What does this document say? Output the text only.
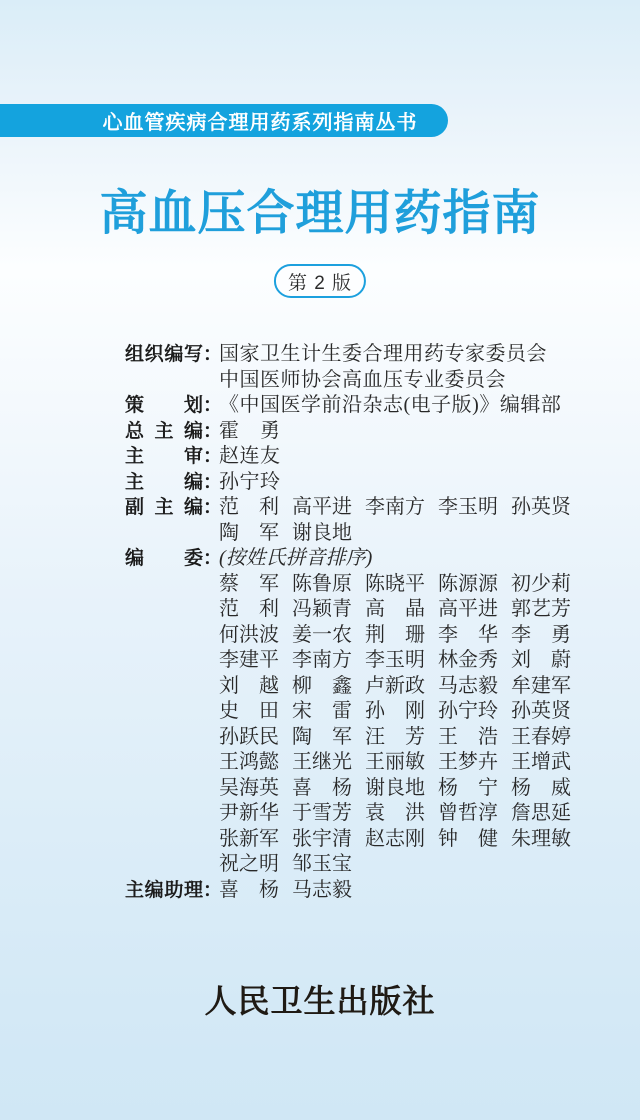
心血管疾病合理用药系列指南丛书
高血压合理用药指南
第 2 版
组织编写 ：
国家卫生计生委合理用药专家委员会
中国医师协会高血压专业委员会
策划 ：
《中国医学前沿杂志(电子版)》编辑部
总主编 ：
霍　勇
主审 ：
赵连友
主编 ：
孙宁玲
副主编 ：
范　利 高平进 李南方 李玉明 孙英贤
陶　军 谢良地
编委 ：
(按姓氏拼音排序)
蔡　军 陈鲁原 陈晓平 陈源源 初少莉
范　利 冯颖青 高　晶 高平进 郭艺芳
何洪波 姜一农 荆　珊 李　华 李　勇
李建平 李南方 李玉明 林金秀 刘　蔚
刘　越 柳　鑫 卢新政 马志毅 牟建军
史　田 宋　雷 孙　刚 孙宁玲 孙英贤
孙跃民 陶　军 汪　芳 王　浩 王春婷
王鸿懿 王继光 王丽敏 王梦卉 王增武
吴海英 喜　杨 谢良地 杨　宁 杨　威
尹新华 于雪芳 袁　洪 曾哲淳 詹思延
张新军 张宇清 赵志刚 钟　健 朱理敏
祝之明 邹玉宝
主编助理 ：
喜　杨 马志毅
人民卫生出版社
